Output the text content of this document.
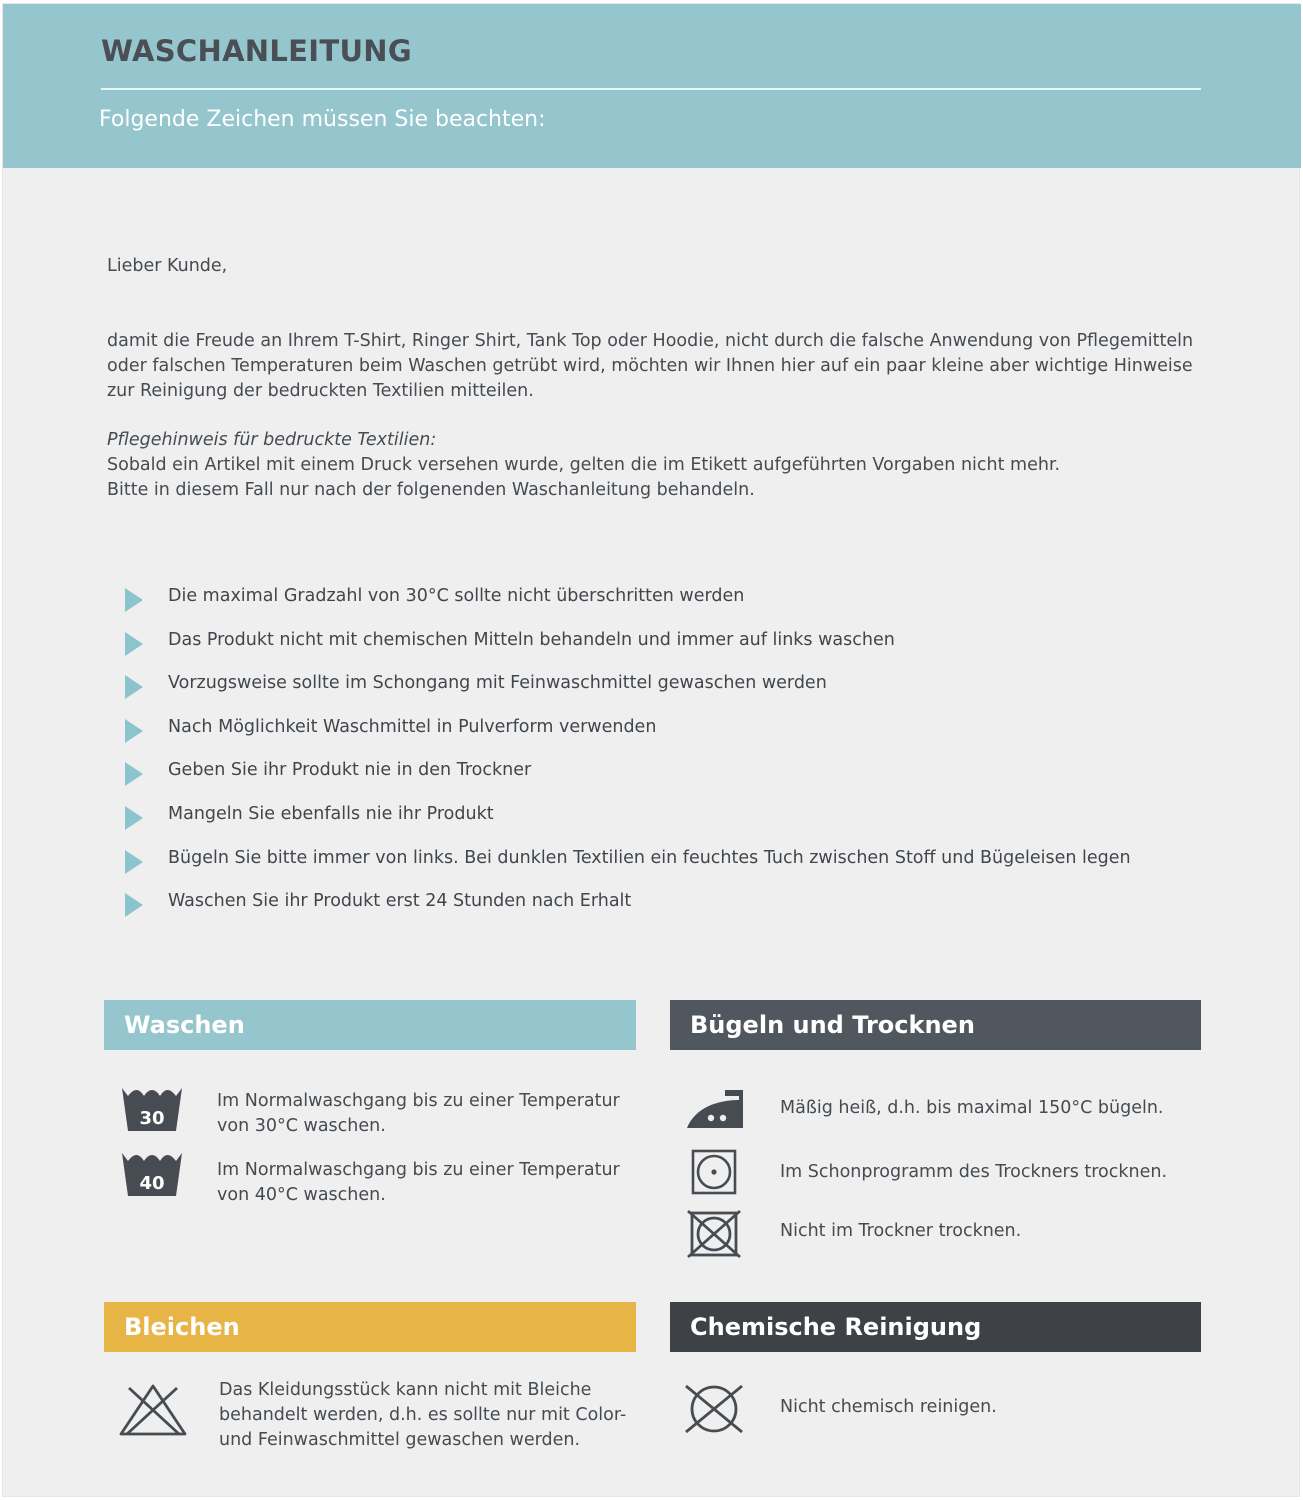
WASCHANLEITUNG
Folgende Zeichen müssen Sie beachten:
Lieber Kunde,
damit die Freude an Ihrem T-Shirt, Ringer Shirt, Tank Top oder Hoodie, nicht durch die falsche Anwendung von Pflegemitteln
oder falschen Temperaturen beim Waschen getrübt wird, möchten wir Ihnen hier auf ein paar kleine aber wichtige Hinweise
zur Reinigung der bedruckten Textilien mitteilen.
Pflegehinweis für bedruckte Textilien:
Sobald ein Artikel mit einem Druck versehen wurde, gelten die im Etikett aufgeführten Vorgaben nicht mehr.
Bitte in diesem Fall nur nach der folgenenden Waschanleitung behandeln.
Die maximal Gradzahl von 30°C sollte nicht überschritten werden
Das Produkt nicht mit chemischen Mitteln behandeln und immer auf links waschen
Vorzugsweise sollte im Schongang mit Feinwaschmittel gewaschen werden
Nach Möglichkeit Waschmittel in Pulverform verwenden
Geben Sie ihr Produkt nie in den Trockner
Mangeln Sie ebenfalls nie ihr Produkt
Bügeln Sie bitte immer von links. Bei dunklen Textilien ein feuchtes Tuch zwischen Stoff und Bügeleisen legen
Waschen Sie ihr Produkt erst 24 Stunden nach Erhalt
Waschen
30
Im Normalwaschgang bis zu einer Temperatur
von 30°C waschen.
40
Im Normalwaschgang bis zu einer Temperatur
von 40°C waschen.
Bügeln und Trocknen
Mäßig heiß, d.h. bis maximal 150°C bügeln.
Im Schonprogramm des Trockners trocknen.
Nicht im Trockner trocknen.
Bleichen
Das Kleidungsstück kann nicht mit Bleiche
behandelt werden, d.h. es sollte nur mit Color-
und Feinwaschmittel gewaschen werden.
Chemische Reinigung
Nicht chemisch reinigen.
